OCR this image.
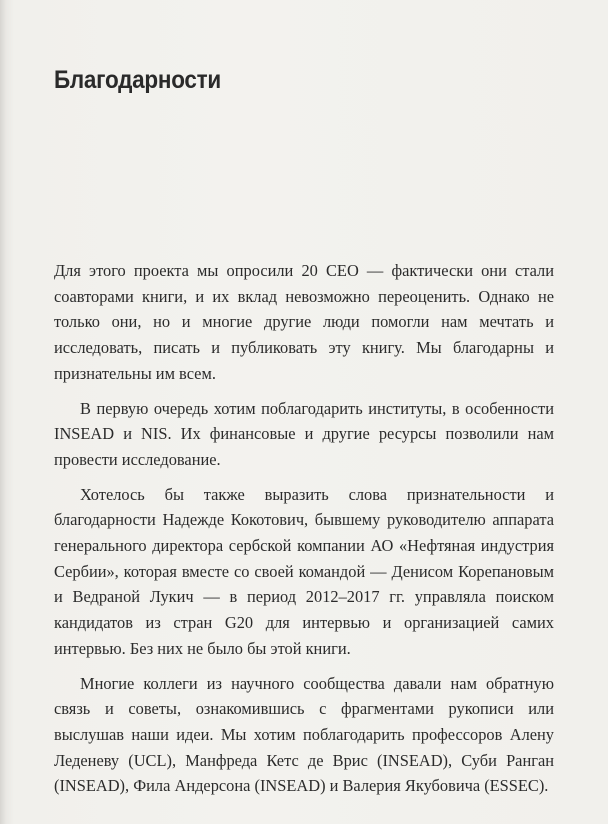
Благодарности

Для этого проекта мы опросили 20 CEO — фактически они стали соавторами книги, и их вклад невозможно переоценить. Однако не только они, но и многие другие люди помогли нам мечтать и исследовать, писать и публиковать эту книгу. Мы благодарны и признательны им всем.

В первую очередь хотим поблагодарить институты, в особенности INSEAD и NIS. Их финансовые и другие ресурсы позволили нам провести исследование.

Хотелось бы также выразить слова признательности и благодарности Надежде Кокотович, бывшему руководителю аппарата генерального директора сербской компании АО «Нефтяная индустрия Сербии», которая вместе со своей командой — Денисом Корепановым и Ведраной Лукич — в период 2012–2017 гг. управляла поиском кандидатов из стран G20 для интервью и организацией самих интервью. Без них не было бы этой книги.

Многие коллеги из научного сообщества давали нам обратную связь и советы, ознакомившись с фрагментами рукописи или выслушав наши идеи. Мы хотим поблагодарить профессоров Алену Леденеву (UCL), Манфреда Кетс де Врис (INSEAD), Суби Ранган (INSEAD), Фила Андерсона (INSEAD) и Валерия Якубовича (ESSEC).
